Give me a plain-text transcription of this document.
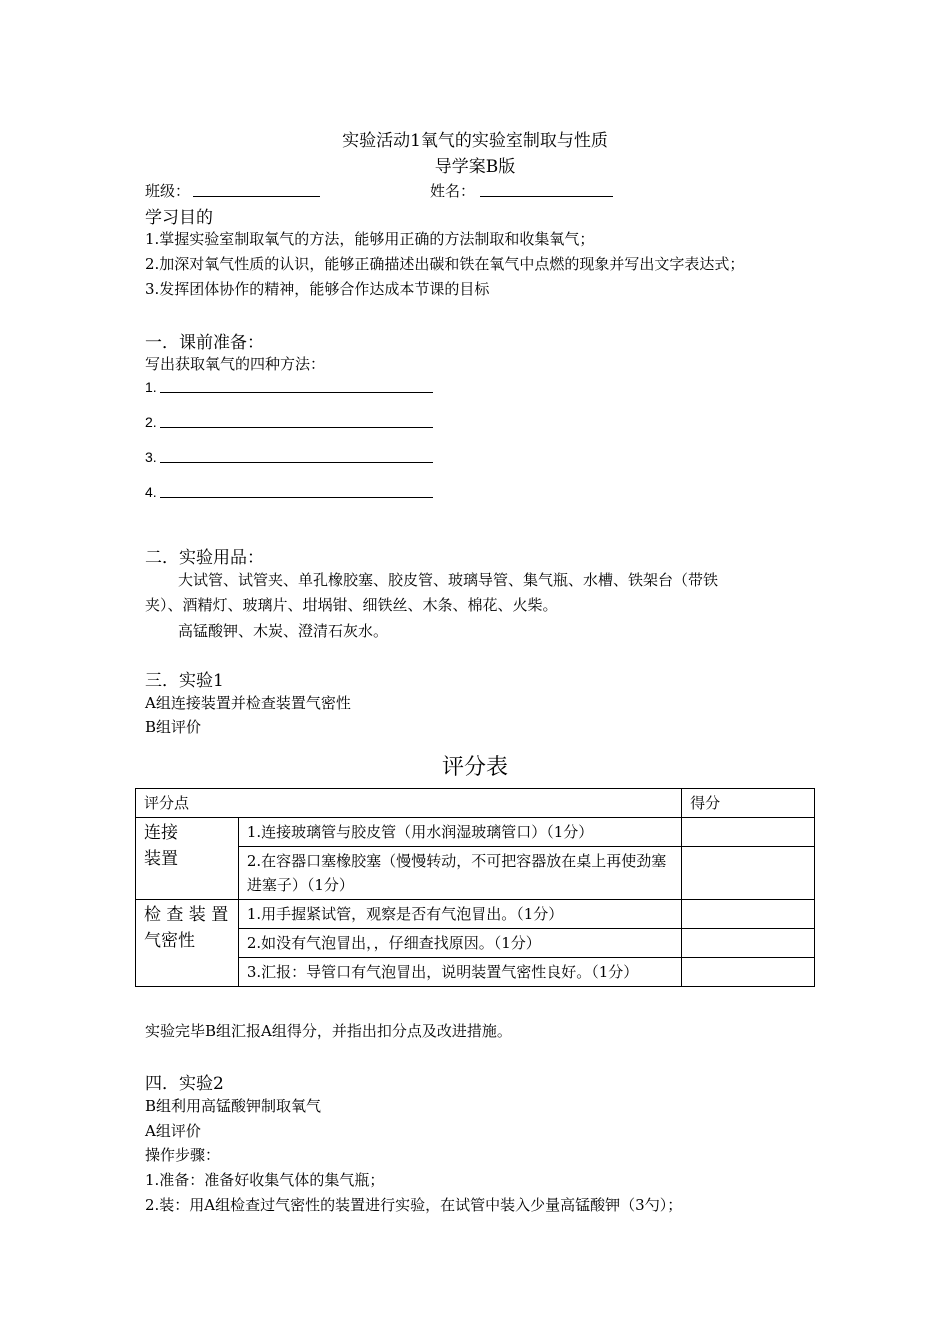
实验活动1氧气的实验室制取与性质
导学案B版
班级：	姓名：
学习目的
1.掌握实验室制取氧气的方法，能够用正确的方法制取和收集氧气；
2.加深对氧气性质的认识，能够正确描述出碳和铁在氧气中点燃的现象并写出文字表达式；
3.发挥团体协作的精神，能够合作达成本节课的目标
一．课前准备：
写出获取氧气的四种方法：
1.
2.
3.
4.
二．实验用品：
大试管、试管夹、单孔橡胶塞、胶皮管、玻璃导管、集气瓶、水槽、铁架台（带铁
夹）、酒精灯、玻璃片、坩埚钳、细铁丝、木条、棉花、火柴。
高锰酸钾、木炭、澄清石灰水。
三．实验1
A组连接装置并检查装置气密性
B组评价
评分表
评分点		得分
连接
装置	1.连接玻璃管与胶皮管（用水润湿玻璃管口）（1分）	
	2.在容器口塞橡胶塞（慢慢转动，不可把容器放在桌上再使劲塞进塞子）（1分）	
检 查 装 置
气密性	1.用手握紧试管，观察是否有气泡冒出。（1分）	
	2.如没有气泡冒出，，仔细查找原因。（1分）	
	3.汇报：导管口有气泡冒出，说明装置气密性良好。（1分）	
实验完毕B组汇报A组得分，并指出扣分点及改进措施。
四．实验2
B组利用高锰酸钾制取氧气
A组评价
操作步骤：
1.准备：准备好收集气体的集气瓶；
2.装：用A组检查过气密性的装置进行实验，在试管中装入少量高锰酸钾（3勺）；
